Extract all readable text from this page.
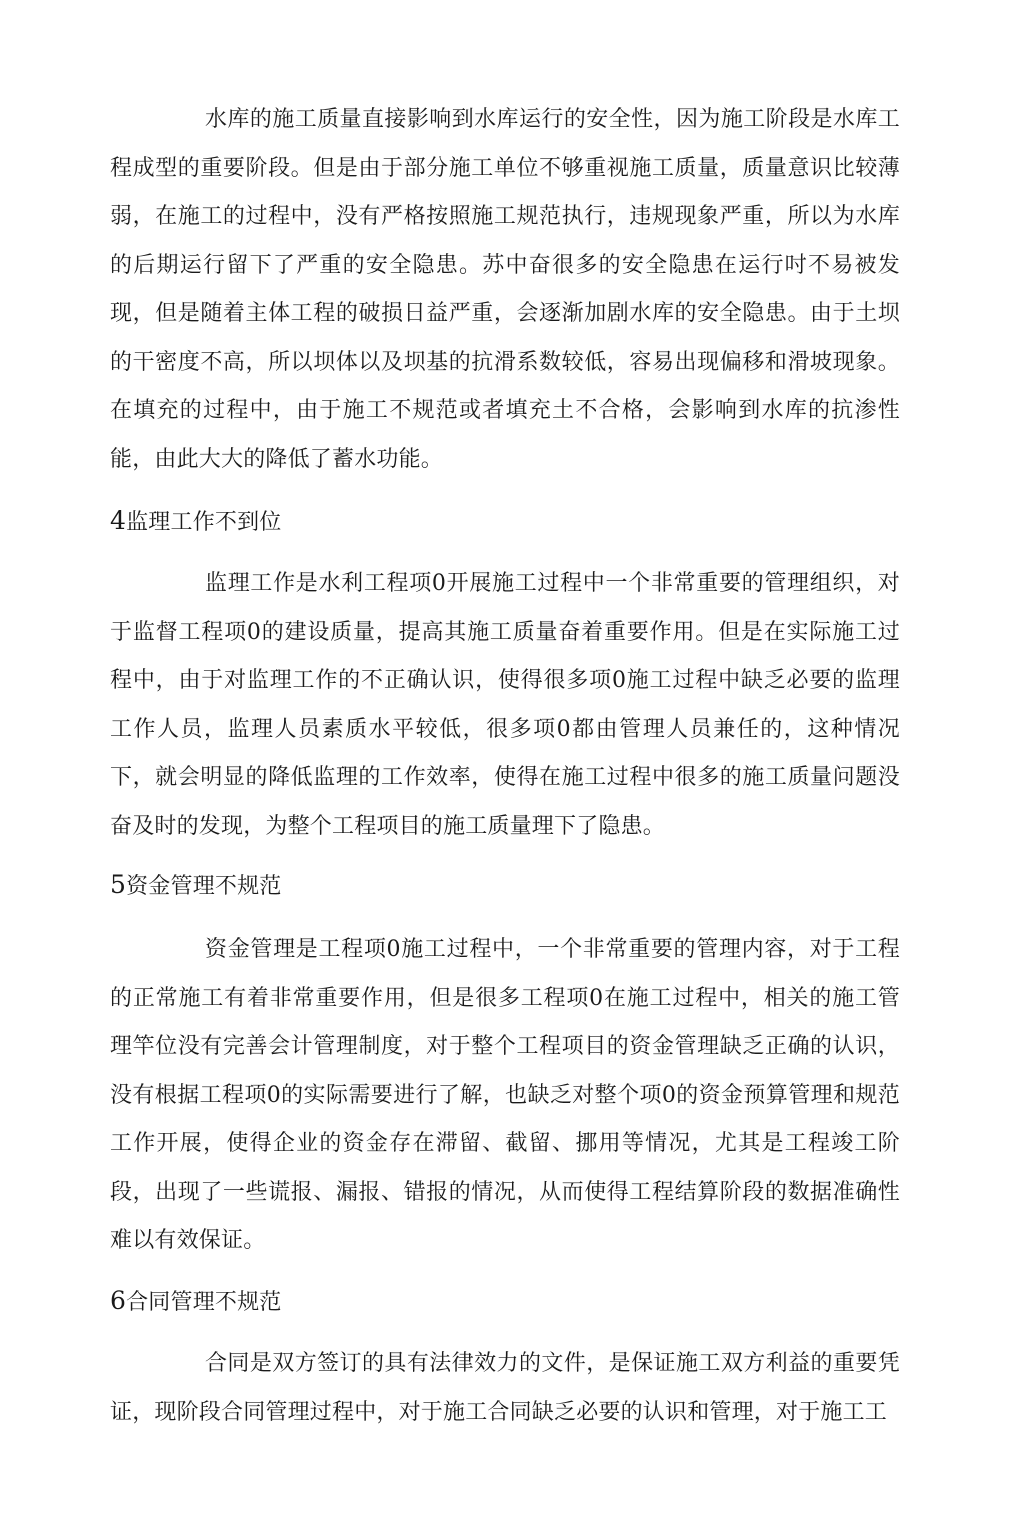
水库的施工质量直接影响到水库运行的安全性，因为施工阶段是水库工程成型的重要阶段。但是由于部分施工单位不够重视施工质量，质量意识比较薄弱，在施工的过程中，没有严格按照施工规范执行，违规现象严重，所以为水库的后期运行留下了严重的安全隐患。苏中奋很多的安全隐患在运行吋不易被发现，但是随着主体工程的破损日益严重，会逐渐加剧水库的安全隐患。由于土坝的干密度不高，所以坝体以及坝基的抗滑系数较低，容易出现偏移和滑坡现象。在填充的过程中，由于施工不规范或者填充土不合格，会影响到水库的抗渗性能，由此大大的降低了蓄水功能。

4监理工作不到位

监理工作是水利工程项0开展施工过程中一个非常重要的管理组织，对于监督工程项0的建设质量，提高其施工质量奋着重要作用。但是在实际施工过程中，由于对监理工作的不正确认识，使得很多项0施工过程中缺乏必要的监理工作人员，监理人员素质水平较低，很多项0都由管理人员兼任的，这种情况下，就会明显的降低监理的工作效率，使得在施工过程中很多的施工质量问题没奋及时的发现，为整个工程项目的施工质量理下了隐患。

5资金管理不规范

资金管理是工程项0施工过程中，一个非常重要的管理内容，对于工程的正常施工有着非常重要作用，但是很多工程项0在施工过程中，相关的施工管理竿位没有完善会计管理制度，对于整个工程项目的资金管理缺乏正确的认识，没有根据工程项0的实际需要进行了解，也缺乏对整个项0的资金预算管理和规范工作开展，使得企业的资金存在滞留、截留、挪用等情况，尤其是工程竣工阶段，出现了一些谎报、漏报、错报的情况，从而使得工程结算阶段的数据准确性难以有效保证。

6合同管理不规范

合同是双方签订的具有法律效力的文件，是保证施工双方利益的重要凭证，现阶段合同管理过程中，对于施工合同缺乏必要的认识和管理，对于施工工
